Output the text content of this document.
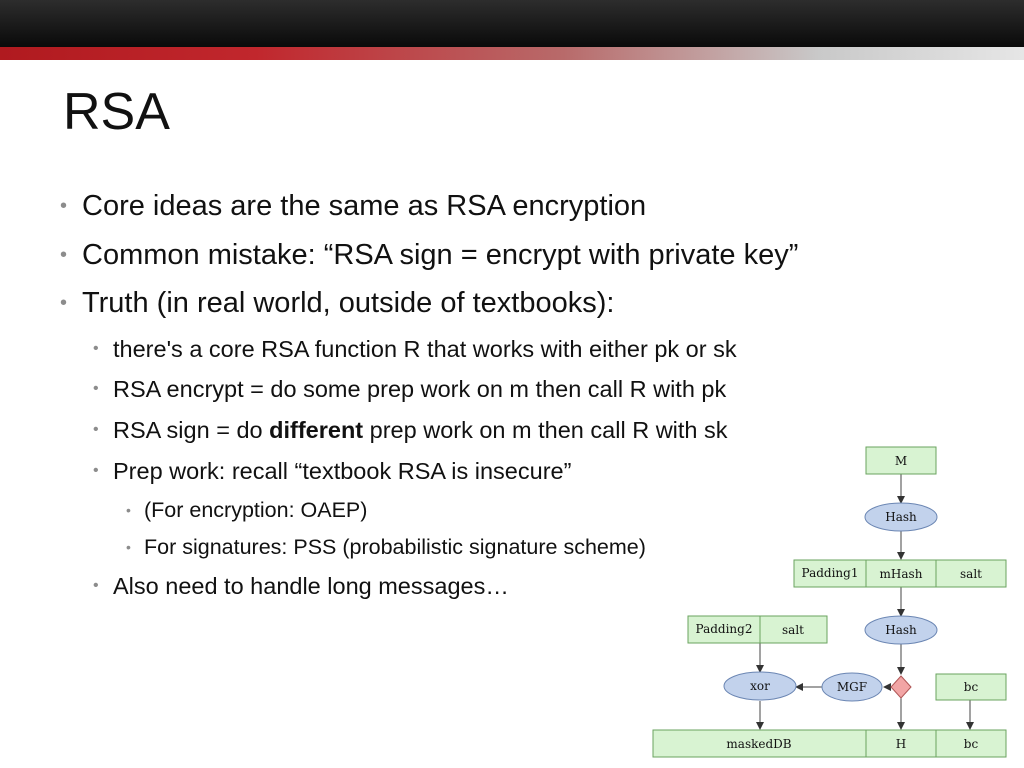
RSA
• Core ideas are the same as RSA encryption
• Common mistake: “RSA sign = encrypt with private key”
• Truth (in real world, outside of textbooks):
• there's a core RSA function R that works with either pk or sk
• RSA encrypt = do some prep work on m then call R with pk
• RSA sign = do different prep work on m then call R with sk
• Prep work: recall “textbook RSA is insecure”
• (For encryption: OAEP)
• For signatures: PSS (probabilistic signature scheme)
• Also need to handle long messages…
M
Hash
Padding1 mHash	salt
Padding2 salt	Hash
xor	MGF	bc
maskedDB	H	bc
